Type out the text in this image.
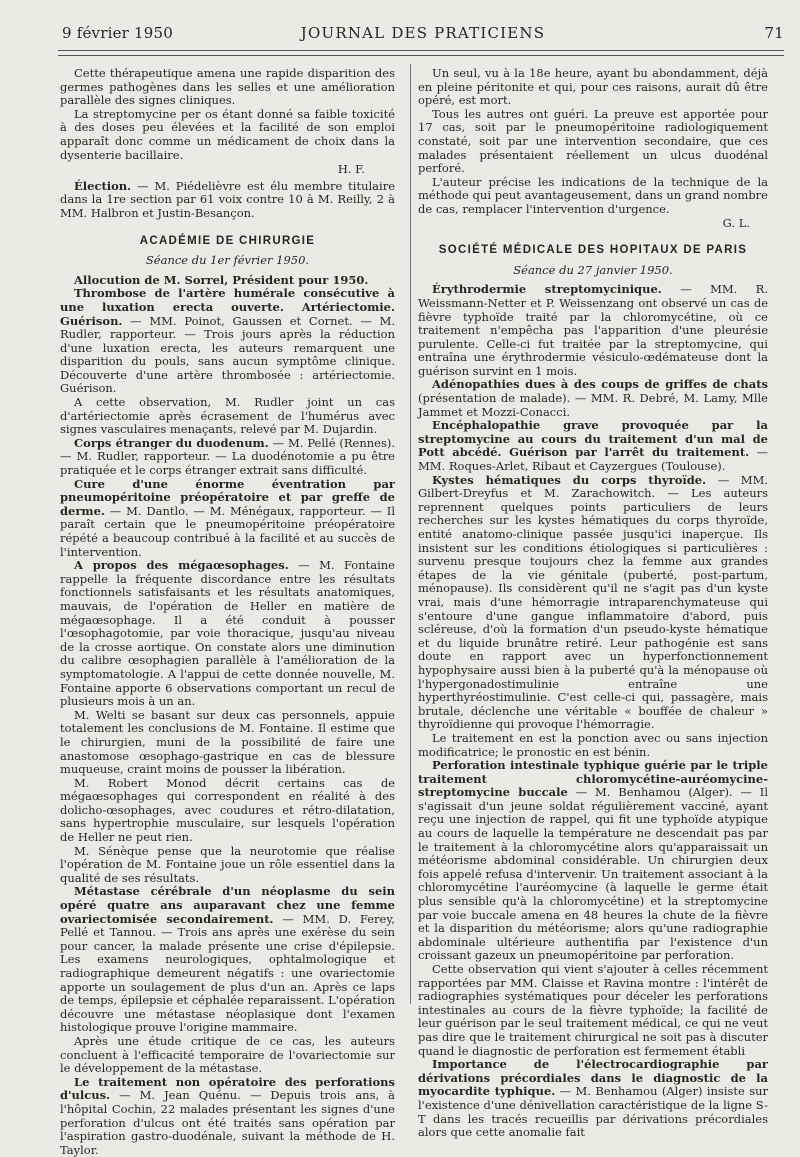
9 février 1950	JOURNAL DES PRATICIENS	71

Cette thérapeutique amena une rapide disparition des germes pathogènes dans les selles et une amélioration parallèle des signes cliniques.

La streptomycine per os étant donné sa faible toxicité à des doses peu élevées et la facilité de son emploi apparaît donc comme un médicament de choix dans la dysenterie bacillaire.

H. F.

Élection. — M. Piédelièvre est élu membre titulaire dans la 1re section par 61 voix contre 10 à M. Reilly, 2 à MM. Halbron et Justin-Besançon.

ACADÉMIE DE CHIRURGIE
Séance du 1er février 1950.

Allocution de M. Sorrel, Président pour 1950.

Thrombose de l'artère humérale consécutive à une luxation erecta ouverte. Artériectomie. Guérison. — MM. Poinot, Gaussen et Cornet. — M. Rudler, rapporteur. — Trois jours après la réduction d'une luxation erecta, les auteurs remarquent une disparition du pouls, sans aucun symptôme clinique. Découverte d'une artère thrombosée : artériectomie. Guérison.

A cette observation, M. Rudler joint un cas d'artériectomie après écrasement de l'humérus avec signes vasculaires menaçants, relevé par M. Dujardin.

Corps étranger du duodenum. — M. Pellé (Rennes). — M. Rudler, rapporteur. — La duodénotomie a pu être pratiquée et le corps étranger extrait sans difficulté.

Cure d'une énorme éventration par pneumopéritoine préopératoire et par greffe de derme. — M. Dantlo. — M. Ménégaux, rapporteur. — Il paraît certain que le pneumopéritoine préopératoire répété a beaucoup contribué à la facilité et au succès de l'intervention.

A propos des mégaœsophages. — M. Fontaine rappelle la fréquente discordance entre les résultats fonctionnels satisfaisants et les résultats anatomiques, mauvais, de l'opération de Heller en matière de mégaœsophage. Il a été conduit à pousser l'œsophagotomie, par voie thoracique, jusqu'au niveau de la crosse aortique. On constate alors une diminution du calibre œsophagien parallèle à l'amélioration de la symptomatologie. A l'appui de cette donnée nouvelle, M. Fontaine apporte 6 observations comportant un recul de plusieurs mois à un an.

M. Welti se basant sur deux cas personnels, appuie totalement les conclusions de M. Fontaine. Il estime que le chirurgien, muni de la possibilité de faire une anastomose œsophago-gastrique en cas de blessure muqueuse, craint moins de pousser la libération.

M. Robert Monod décrit certains cas de mégaœsophages qui correspondent en réalité à des dolicho-œsophages, avec coudures et rétro-dilatation, sans hypertrophie musculaire, sur lesquels l'opération de Heller ne peut rien.

M. Sénèque pense que la neurotomie que réalise l'opération de M. Fontaine joue un rôle essentiel dans la qualité de ses résultats.

Métastase cérébrale d'un néoplasme du sein opéré quatre ans auparavant chez une femme ovariectomisée secondairement. — MM. D. Ferey, Pellé et Tannou. — Trois ans après une exérèse du sein pour cancer, la malade présente une crise d'épilepsie. Les examens neurologiques, ophtalmologique et radiographique demeurent négatifs : une ovariectomie apporte un soulagement de plus d'un an. Après ce laps de temps, épilepsie et céphalée reparaissent. L'opération découvre une métastase néoplasique dont l'examen histologique prouve l'origine mammaire.

Après une étude critique de ce cas, les auteurs concluent à l'efficacité temporaire de l'ovariectomie sur le développement de la métastase.

Le traitement non opératoire des perforations d'ulcus. — M. Jean Quénu. — Depuis trois ans, à l'hôpital Cochin, 22 malades présentant les signes d'une perforation d'ulcus ont été traités sans opération par l'aspiration gastro-duodénale, suivant la méthode de H. Taylor.

Un seul, vu à la 18e heure, ayant bu abondamment, déjà en pleine péritonite et qui, pour ces raisons, aurait dû être opéré, est mort.

Tous les autres ont guéri. La preuve est apportée pour 17 cas, soit par le pneumopéritoine radiologiquement constaté, soit par une intervention secondaire, que ces malades présentaient réellement un ulcus duodénal perforé.

L'auteur précise les indications de la technique de la méthode qui peut avantageusement, dans un grand nombre de cas, remplacer l'intervention d'urgence.

G. L.
SOCIÉTÉ MÉDICALE DES HOPITAUX DE PARIS
Séance du 27 janvier 1950.

Érythrodermie streptomycinique. — MM. R. Weissmann-Netter et P. Weissenzang ont observé un cas de fièvre typhoïde traité par la chloromycétine, où ce traitement n'empêcha pas l'apparition d'une pleurésie purulente. Celle-ci fut traitée par la streptomycine, qui entraîna une érythrodermie vésiculo-œdémateuse dont la guérison survint en 1 mois.

Adénopathies dues à des coups de griffes de chats (présentation de malade). — MM. R. Debré, M. Lamy, Mlle Jammet et Mozzi-Conacci.

Encéphalopathie grave provoquée par la streptomycine au cours du traitement d'un mal de Pott abcédé. Guérison par l'arrêt du traitement. — MM. Roques-Arlet, Ribaut et Cayzergues (Toulouse).

Kystes hématiques du corps thyroïde. — MM. Gilbert-Dreyfus et M. Zarachowitch. — Les auteurs reprennent quelques points particuliers de leurs recherches sur les kystes hématiques du corps thyroïde, entité anatomo-clinique passée jusqu'ici inaperçue. Ils insistent sur les conditions étiologiques si particulières : survenu presque toujours chez la femme aux grandes étapes de la vie génitale (puberté, post-partum, ménopause). Ils considèrent qu'il ne s'agit pas d'un kyste vrai, mais d'une hémorragie intraparenchymateuse qui s'entoure d'une gangue inflammatoire d'abord, puis scléreuse, d'où la formation d'un pseudo-kyste hématique et du liquide brunâtre retiré. Leur pathogénie est sans doute en rapport avec un hyperfonctionnement hypophysaire aussi bien à la puberté qu'à la ménopause où l'hypergonadostimulinie entraîne une hyperthyréostimulinie. C'est celle-ci qui, passagère, mais brutale, déclenche une véritable « bouffée de chaleur » thyroïdienne qui provoque l'hémorragie.

Le traitement en est la ponction avec ou sans injection modificatrice; le pronostic en est bénin.

Perforation intestinale typhique guérie par le triple traitement chloromycétine-auréomycine-streptomycine buccale — M. Benhamou (Alger). — Il s'agissait d'un jeune soldat régulièrement vacciné, ayant reçu une injection de rappel, qui fit une typhoïde atypique au cours de laquelle la température ne descendait pas par le traitement à la chloromycétine alors qu'apparaissait un météorisme abdominal considérable. Un chirurgien deux fois appelé refusa d'intervenir. Un traitement associant à la chloromycétine l'auréomycine (à laquelle le germe était plus sensible qu'à la chloromycétine) et la streptomycine par voie buccale amena en 48 heures la chute de la fièvre et la disparition du météorisme; alors qu'une radiographie abdominale ultérieure authentifia par l'existence d'un croissant gazeux un pneumopéritoine par perforation.

Cette observation qui vient s'ajouter à celles récemment rapportées par MM. Claisse et Ravina montre : l'intérêt de radiographies systématiques pour déceler les perforations intestinales au cours de la fièvre typhoïde; la facilité de leur guérison par le seul traitement médical, ce qui ne veut pas dire que le traitement chirurgical ne soit pas à discuter quand le diagnostic de perforation est fermement établi

Importance de l'électrocardiographie par dérivations précordiales dans le diagnostic de la myocardite typhique. — M. Benhamou (Alger) insiste sur l'existence d'une dénivellation caractéristique de la ligne S-T dans les tracés recueillis par dérivations précordiales alors que cette anomalie fait
